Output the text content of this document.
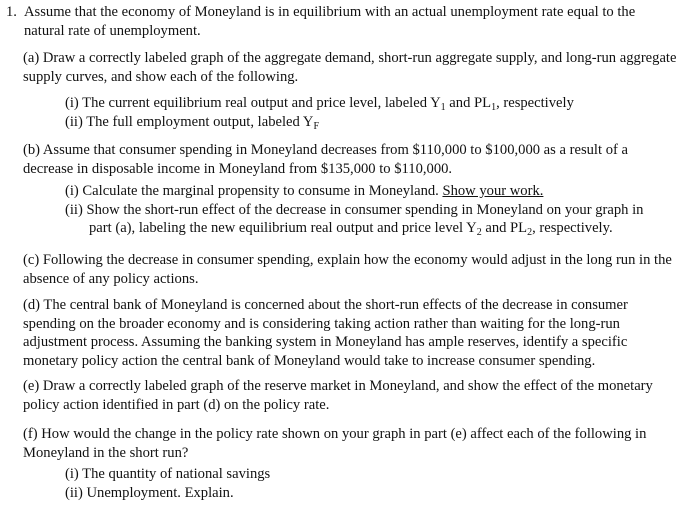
1. Assume that the economy of Moneyland is in equilibrium with an actual unemployment rate equal to the
natural rate of unemployment.
(a) Draw a correctly labeled graph of the aggregate demand, short-run aggregate supply, and long-run aggregate
supply curves, and show each of the following.
(i) The current equilibrium real output and price level, labeled $Y_1$ and $PL_1$, respectively
(ii) The full employment output, labeled $Y_F$
(b) Assume that consumer spending in Moneyland decreases from $110,000 to $100,000 as a result of a
decrease in disposable income in Moneyland from $135,000 to $110,000.
(i) Calculate the marginal propensity to consume in Moneyland. Show your work.
(ii) Show the short-run effect of the decrease in consumer spending in Moneyland on your graph in
part (a), labeling the new equilibrium real output and price level $Y_2$ and $PL_2$, respectively.
(c) Following the decrease in consumer spending, explain how the economy would adjust in the long run in the
absence of any policy actions.
(d) The central bank of Moneyland is concerned about the short-run effects of the decrease in consumer
spending on the broader economy and is considering taking action rather than waiting for the long-run
adjustment process. Assuming the banking system in Moneyland has ample reserves, identify a specific
monetary policy action the central bank of Moneyland would take to increase consumer spending.
(e) Draw a correctly labeled graph of the reserve market in Moneyland, and show the effect of the monetary
policy action identified in part (d) on the policy rate.
(f) How would the change in the policy rate shown on your graph in part (e) affect each of the following in
Moneyland in the short run?
(i) The quantity of national savings
(ii) Unemployment. Explain.
